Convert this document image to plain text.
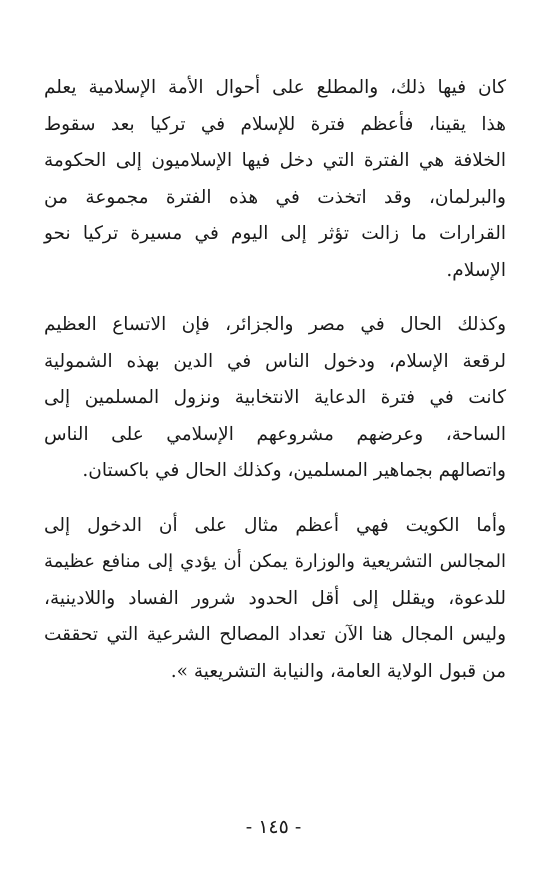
كان فيها ذلك، والمطلع على أحوال الأمة الإسلامية يعلم
هذا يقينا، فأعظم فترة للإسلام في تركيا بعد سقوط
الخلافة هي الفترة التي دخل فيها الإسلاميون إلى الحكومة
والبرلمان، وقد اتخذت في هذه الفترة مجموعة من
القرارات ما زالت تؤثر إلى اليوم في مسيرة تركيا نحو
الإسلام.

وكذلك الحال في مصر والجزائر، فإن الاتساع العظيم
لرقعة الإسلام، ودخول الناس في الدين بهذه الشمولية
كانت في فترة الدعاية الانتخابية ونزول المسلمين إلى
الساحة، وعرضهم مشروعهم الإسلامي على الناس
واتصالهم بجماهير المسلمين، وكذلك الحال في باكستان.

وأما الكويت فهي أعظم مثال على أن الدخول إلى
المجالس التشريعية والوزارة يمكن أن يؤدي إلى منافع عظيمة
للدعوة، ويقلل إلى أقل الحدود شرور الفساد واللادينية،
وليس المجال هنا الآن تعداد المصالح الشرعية التي تحققت
من قبول الولاية العامة، والنيابة التشريعية ».

- ١٤٥ -
